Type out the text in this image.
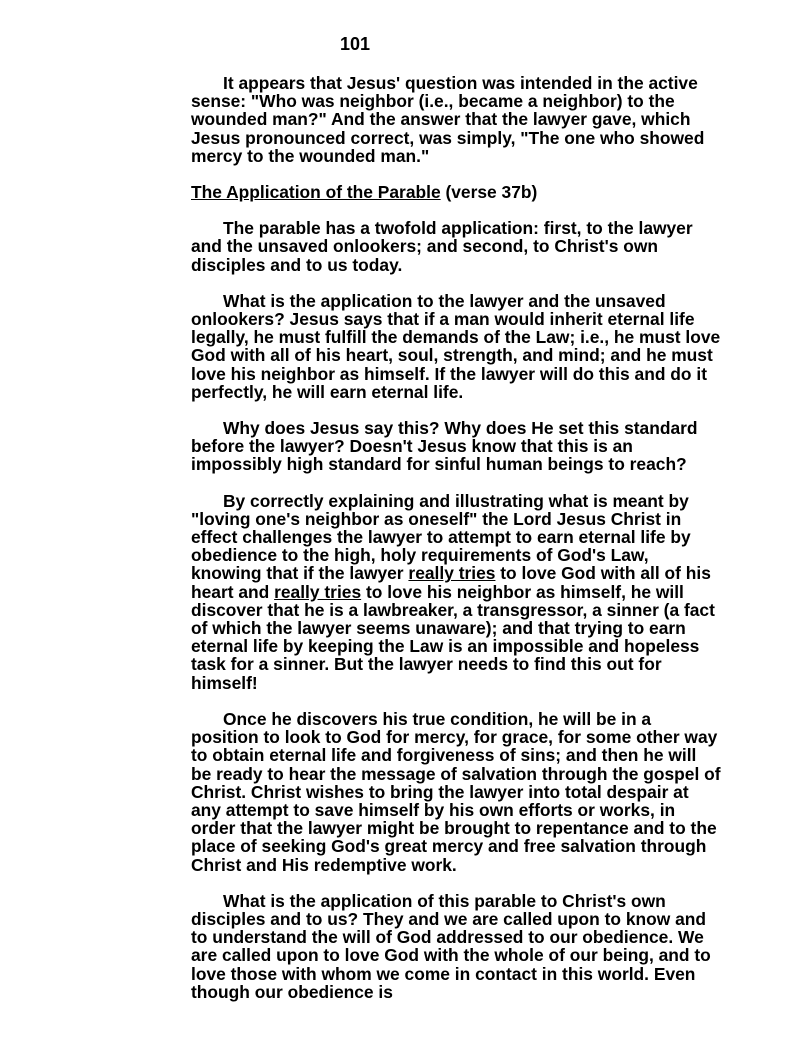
101

It appears that Jesus' question was intended in the active sense: "Who was neighbor (i.e., became a neighbor) to the wounded man?" And the answer that the lawyer gave, which Jesus pronounced correct, was simply, "The one who showed mercy to the wounded man."

The Application of the Parable (verse 37b)

The parable has a twofold application: first, to the lawyer and the unsaved onlookers; and second, to Christ's own disciples and to us today.

What is the application to the lawyer and the unsaved onlookers? Jesus says that if a man would inherit eternal life legally, he must fulfill the demands of the Law; i.e., he must love God with all of his heart, soul, strength, and mind; and he must love his neighbor as himself. If the lawyer will do this and do it perfectly, he will earn eternal life.

Why does Jesus say this? Why does He set this standard before the lawyer? Doesn't Jesus know that this is an impossibly high standard for sinful human beings to reach?

By correctly explaining and illustrating what is meant by "loving one's neighbor as oneself" the Lord Jesus Christ in effect challenges the lawyer to attempt to earn eternal life by obedience to the high, holy requirements of God's Law, knowing that if the lawyer really tries to love God with all of his heart and really tries to love his neighbor as himself, he will discover that he is a lawbreaker, a transgressor, a sinner (a fact of which the lawyer seems unaware); and that trying to earn eternal life by keeping the Law is an impossible and hopeless task for a sinner. But the lawyer needs to find this out for himself!

Once he discovers his true condition, he will be in a position to look to God for mercy, for grace, for some other way to obtain eternal life and forgiveness of sins; and then he will be ready to hear the message of salvation through the gospel of Christ. Christ wishes to bring the lawyer into total despair at any attempt to save himself by his own efforts or works, in order that the lawyer might be brought to repentance and to the place of seeking God's great mercy and free salvation through Christ and His redemptive work.

What is the application of this parable to Christ's own disciples and to us? They and we are called upon to know and to understand the will of God addressed to our obedience. We are called upon to love God with the whole of our being, and to love those with whom we come in contact in this world. Even though our obedience is
